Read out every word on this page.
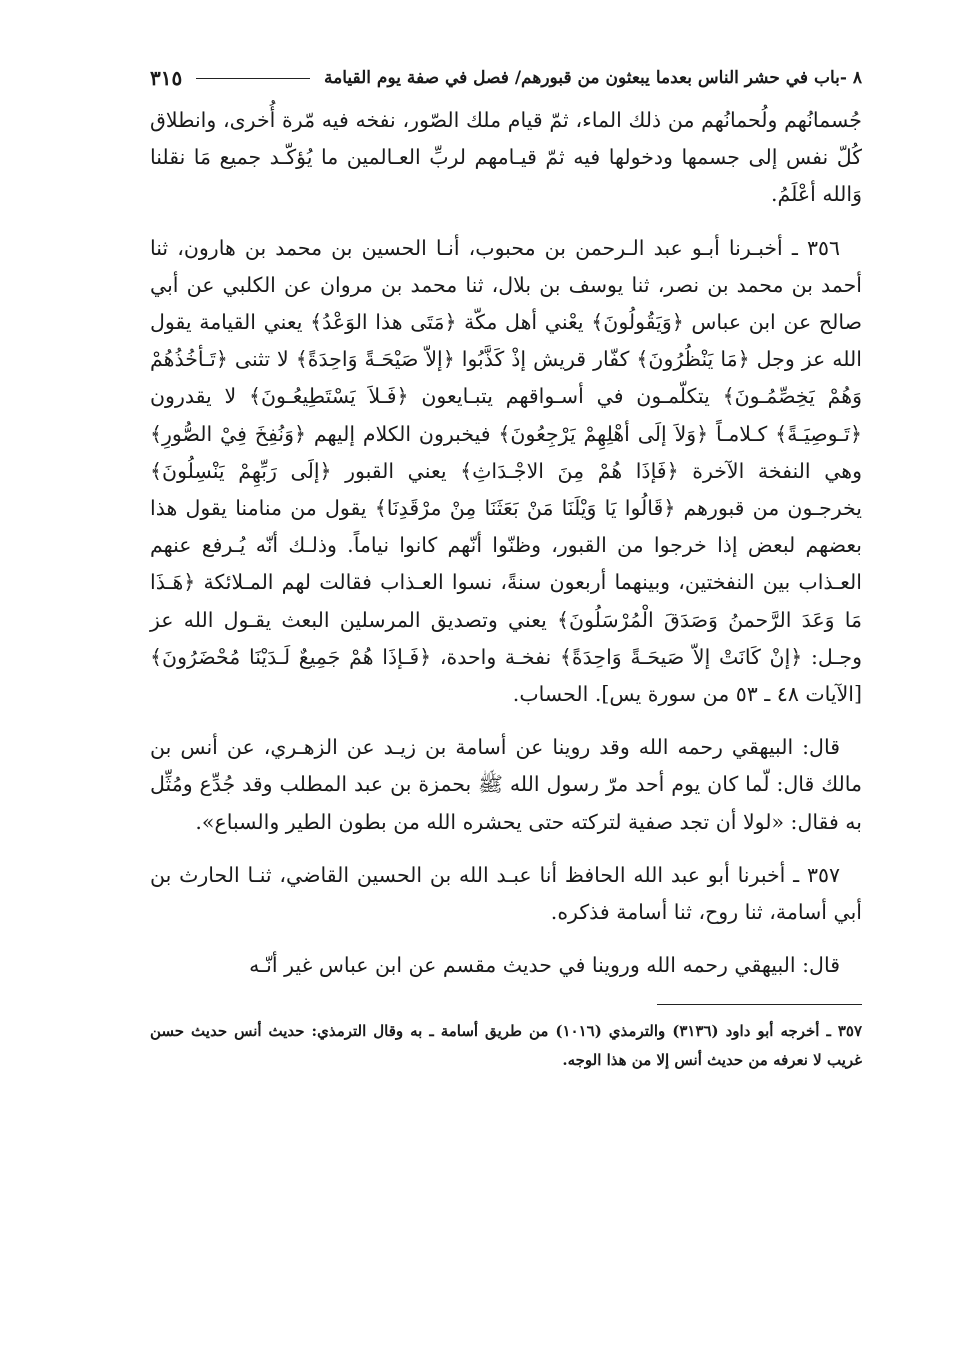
٨ -باب في حشر الناس بعدما يبعثون من قبورهم/ فصل في صفة يوم القيامة
٣١٥

جُسمانُهم ولُحمانُهم من ذلك الماء، ثمّ قيام ملك الصّور، نفخه فيه مّرة أُخرى، وانطلاق كُلّ نفس إلى جسمها ودخولها فيه ثمّ قيـامهم لربِّ العـالمين ما يُؤكّـد جميع مَا نقلنا وَالله أعْلَمُ.

٣٥٦ ـ أخبـرنا أبـو عبد الـرحمن بن محبوب، أنـا الحسين بن محمد بن هارون، ثنا أحمد بن محمد بن نصر، ثنا يوسف بن بلال، ثنا محمد بن مروان عن الكلبي عن أبي صالح عن ابن عباس ﴿وَيَقُولُونَ﴾ يعْني أهل مكّة ﴿مَتَى هذا الوَعْدُ﴾ يعني القيامة يقول الله عز وجل ﴿مَا يَنْظُرُونَ﴾ كفّار قريش إذْ كَذَّبُوا ﴿إلاّ صَيْحَـةً وَاحِدَةً﴾ لا تثنى ﴿تَـأخُذُهُمْ وَهُمْ يَخِصِّمُـونَ﴾ يتكلّمـون في أسـواقهم يتبـايعون ﴿فَـلاَ يَسْتَطِيعُـونَ﴾ لا يقدرون ﴿تَـوصِيَـةً﴾ كـلامـاً ﴿وَلاَ إلَى أهْلِهِمْ يَرْجِعُونَ﴾ فيخبرون الكلام إليهم ﴿وَنُفِخَ فِيْ الصُّورِ﴾ وهي النفخة الآخرة ﴿فَإذَا هُمْ مِنَ الاجْـدَاثِ﴾ يعني القبور ﴿إلَى رَبِّهِمْ يَنْسِلُونَ﴾ يخرجـون من قبورهم ﴿قَالُوا يَا وَيْلَنَا مَنْ بَعَثَنَا مِنْ مرْقَدِنَا﴾ يقول من منامنا يقول هذا بعضهم لبعض إذا خرجوا من القبور، وظنّوا أنّهم كانوا نياماً. وذلـك أنّه يُـرفع عنهم العـذاب بين النفختين، وبينهما أربعون سنةً، نسوا العـذاب فقالت لهم المـلائكة ﴿هَـذَا مَا وَعَدَ الرَّحمنُ وَصَدَقَ الْمُرْسَلُونَ﴾ يعني وتصديق المرسلين البعث يقـول الله عز وجـل: ﴿إنْ كَانَتْ إلاّ صَيحَـةً وَاحِدَةً﴾ نفخـة واحدة، ﴿فَـإذَا هُمْ جَمِيعٌ لَـدَيْنَا مُحْضَرُونَ﴾ [الآيات ٤٨ ـ ٥٣ من سورة يس]. الحساب.

قال: البيهقي رحمه الله وقد روينا عن أسامة بن زيـد عن الزهـري، عن أنس بن مالك قال: لّما كان يوم أحد مرّ رسول الله ﷺ بحمزة بن عبد المطلب وقد جُدِّع ومُثِّل به فقال: «لولا أن تجد صفية لتركته حتى يحشره الله من بطون الطير والسباع».

٣٥٧ ـ أخبرنا أبو عبد الله الحافظ أنا عبـد الله بن الحسين القاضي، ثنـا الحارث بن أبي أسامة، ثنا روح، ثنا أسامة فذكره.

قال: البيهقي رحمه الله وروينا في حديث مقسم عن ابن عباس غير أنّـه

٣٥٧ ـ أخرجه أبو داود (٣١٣٦) والترمذي (١٠١٦) من طريق أسامة ـ به وقال الترمذي: حديث أنس حديث حسن غريب لا نعرفه من حديث أنس إلا من هذا الوجه.
